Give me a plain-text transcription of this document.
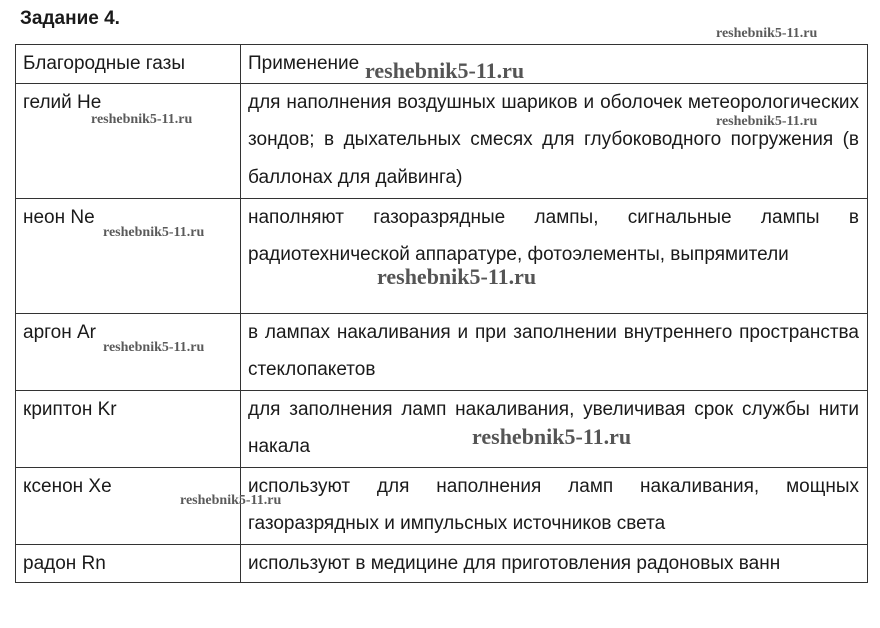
Задание 4.
Благородные газы	Применение
гелий He	для наполнения воздушных шариков и оболочек метеорологических зондов; в дыхательных смесях для глубоководного погружения (в баллонах для дайвинга)
неон Ne	наполняют газоразрядные лампы, сигнальные лампы в радиотехнической аппаратуре, фотоэлементы, выпрямители
аргон Ar	в лампах накаливания и при заполнении внутреннего пространства стеклопакетов
криптон Kr	для заполнения ламп накаливания, увеличивая срок службы нити накала
ксенон Xe	используют для наполнения ламп накаливания, мощных газоразрядных и импульсных источников света
радон Rn	используют в медицине для приготовления радоновых ванн
reshebnik5-11.ru
reshebnik5-11.ru
reshebnik5-11.ru	reshebnik5-11.ru
reshebnik5-11.ru
reshebnik5-11.ru
reshebnik5-11.ru
reshebnik5-11.ru
reshebnik5-11.ru
